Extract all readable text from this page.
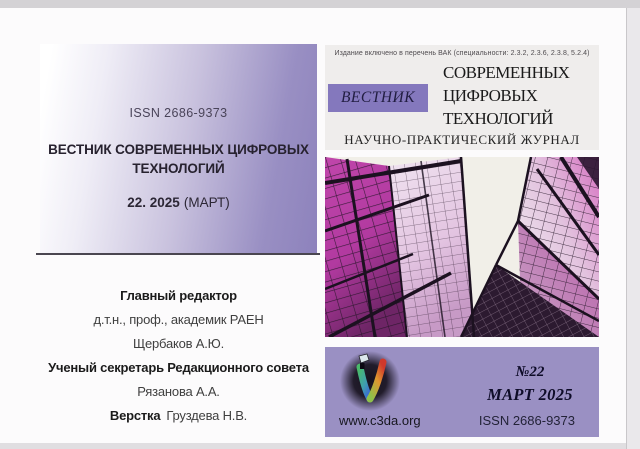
ISSN 2686-9373
ВЕСТНИК СОВРЕМЕННЫХ ЦИФРОВЫХ
ТЕХНОЛОГИЙ
22. 2025 (МАРТ)
Главный редактор
д.т.н., проф., академик РАЕН
Щербаков А.Ю.
Ученый секретарь Редакционного совета
Рязанова А.А.
Верстка Груздева Н.В.
Издание включено в перечень ВАК (специальности: 2.3.2, 2.3.6, 2.3.8, 5.2.4)
ВЕСТНИК
СОВРЕМЕННЫХ
ЦИФРОВЫХ
ТЕХНОЛОГИЙ
НАУЧНО-ПРАКТИЧЕСКИЙ ЖУРНАЛ
№22
МАРТ 2025
www.c3da.org	ISSN 2686-9373
